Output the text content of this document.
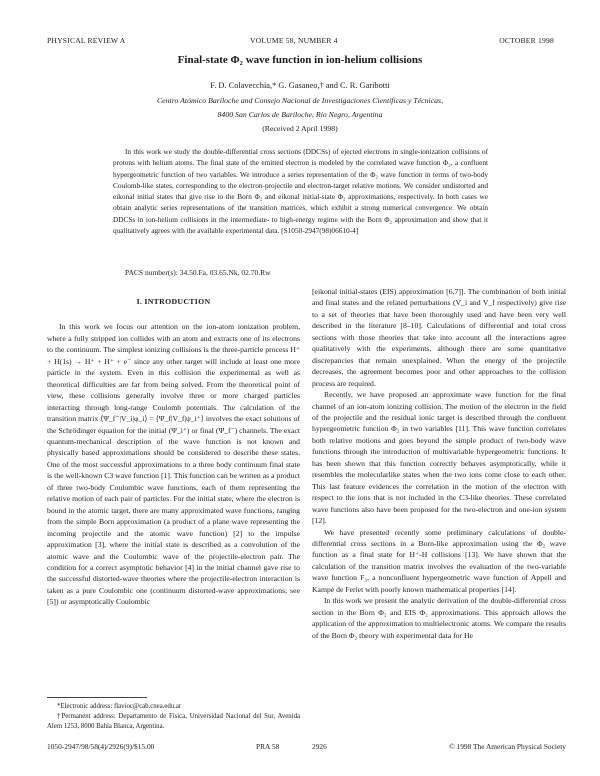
PHYSICAL REVIEW A	VOLUME 58, NUMBER 4	OCTOBER 1998
Final-state Φ₂ wave function in ion-helium collisions
F. D. Colavecchia,* G. Gasaneo,† and C. R. Garibotti
Centro Atómico Bariloche and Consejo Nacional de Investigaciones Científicas y Técnicas,
8400 San Carlos de Bariloche, Río Negro, Argentina
(Received 2 April 1998)

In this work we study the double-differential cross sections (DDCSs) of ejected electrons in single-ionization collisions of protons with helium atoms. The final state of the emitted electron is modeled by the correlated wave function Φ₂, a confluent hypergeometric function of two variables. We introduce a series representation of the Φ₂ wave function in terms of two-body Coulomb-like states, corresponding to the electron-projectile and electron-target relative motions. We consider undistorted and eikonal initial states that give rise to the Born Φ₂ and eikonal initial-state Φ₂ approximations, respectively. In both cases we obtain analytic series representations of the transition matrices, which exhibit a strong numerical convergence. We obtain DDCSs in ion-helium collisions in the intermediate- to high-energy regime with the Born Φ₂ approximation and show that it qualitatively agrees with the available experimental data. [S1050-2947(98)06610-4]

PACS number(s): 34.50.Fa, 03.65.Nk, 02.70.Rw

I. INTRODUCTION

In this work we focus our attention on the ion-atom ionization problem, where a fully stripped ion collides with an atom and extracts one of its electrons to the continuum. The simplest ionizing collisions is the three-particle process H⁺ + H(1s) → H⁺ + H⁺ + e⁻ since any other target will include at least one more particle in the system. Even in this collision the experimental as well as theoretical difficulties are far from being solved. From the theoretical point of view, these collisions generally involve three or more charged particles interacting through long-range Coulomb potentials. The calculation of the transition matrix ⟨Ψ_f⁻|V_i|φ_i⟩ = ⟨Ψ_f|V_f|ψ_i⁺⟩ involves the exact solutions of the Schrödinger equation for the initial (Ψ_i⁺) or final (Ψ_f⁻) channels. The exact quantum-mechanical description of the wave function is not known and physically based approximations should be considered to describe these states. One of the most successful approximations to a three body continuum final state is the well-known C3 wave function [1]. This function can be written as a product of three two-body Coulombic wave functions, each of them representing the relative motion of each pair of particles. For the initial state, where the electron is bound in the atomic target, there are many approximated wave functions, ranging from the simple Born approximation (a product of a plane wave representing the incoming projectile and the atomic wave function) [2] to the impulse approximation [3], where the initial state is described as a convolution of the atomic wave and the Coulombic wave of the projectile-electron pair. The condition for a correct asymptotic behavior [4] in the initial channel gave rise to the successful distorted-wave theories where the projectile-electron interaction is taken as a pure Coulombic one (continuum distorted-wave approximations; see [5]) or asymptotically Coulombic

[eikonal initial-states (EIS) approximation [6,7]]. The combination of both initial and final states and the related perturbations (V_i and V_f respectively) give rise to a set of theories that have been thoroughly used and have been very well described in the literature [8–10]. Calculations of differential and total cross sections with those theories that take into account all the interactions agree qualitatively with the experiments, although there are some quantitative discrepancies that remain unexplained. When the energy of the projectile decreases, the agreement becomes poor and other approaches to the collision process are required.

Recently, we have proposed an approximate wave function for the final channel of an ion-atom ionizing collision. The motion of the electron in the field of the projectile and the residual ionic target is described through the confluent hypergeometric function Φ₂ in two variables [11]. This wave function correlates both relative motions and goes beyond the simple product of two-body wave functions through the introduction of multivariable hypergeometric functions. It has been shown that this function correctly behaves asymptotically, while it resembles the molecularlike states when the two ions come close to each other. This last feature evidences the correlation in the motion of the electron with respect to the ions that is not included in the C3-like theories. These correlated wave functions also have been proposed for the two-electron and one-ion system [12].

We have presented recently some preliminary calculations of double-differential cross sections in a Born-like approximation using the Φ₂ wave function as a final state for H⁺-H collisions [13]. We have shown that the calculation of the transition matrix involves the evaluation of the two-variable wave function F₃, a nonconfluent hypergeometric wave function of Appell and Kampé de Feriet with poorly known mathematical properties [14].

In this work we present the analytic derivation of the double-differential cross section in the Born Φ₂ and EIS Φ₂ approximations. This approach allows the application of the approximation to multielectronic atoms. We compare the results of the Born Φ₂ theory with experimental data for He

*Electronic address: flavioc@cab.cnea.edu.ar

†Permanent address: Departamento de Física, Universidad Nacional del Sur, Avenida Alem 1253, 8000 Bahía Blanca, Argentina.

1050-2947/98/58(4)/2926(9)/$15.00	PRA 58	2926	© 1998 The American Physical Society
